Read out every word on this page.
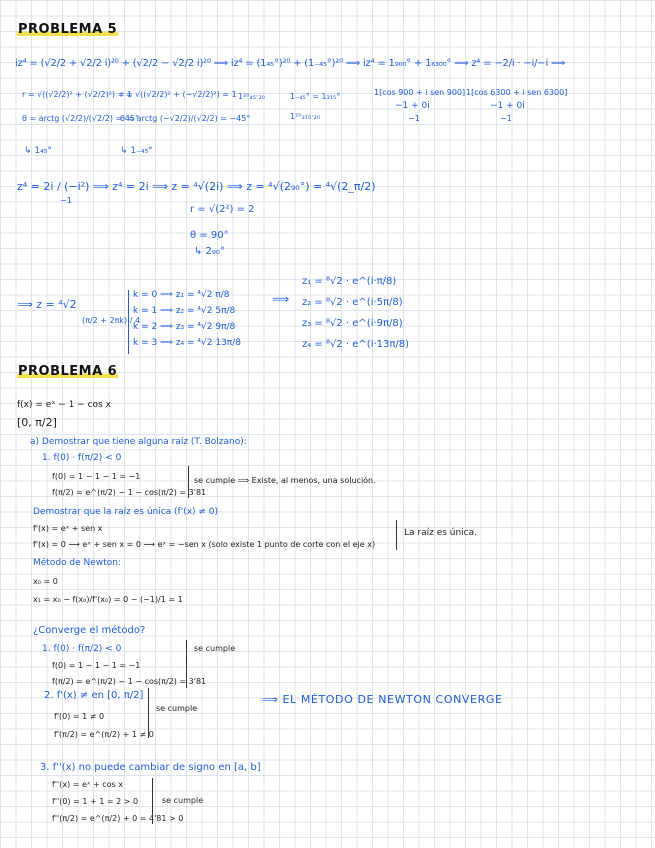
PROBLEMA 5
iz⁴ = (√2/2 + √2/2 i)²⁰ + (√2/2 − √2/2 i)²⁰ ⟹ iz⁴ = (1₄₅°)²⁰ + (1₋₄₅°)²⁰ ⟹ iz⁴ = 1₉₀₀° + 1₆₃₀₀° ⟹ z⁴ = −2/i · −i/−i ⟹
r = √((√2/2)² + (√2/2)²) = 1
r = √((√2/2)² + (−√2/2)²) = 1 1²⁰₄₅·₂₀	1₋₄₅° = 1₃₁₅°
1²⁰₃₁₅·₂₀
1[cos 900 + i sen 900] 1[cos 6300 + i sen 6300]
−1 + 0i	−1 + 0i
−1	−1
θ = arctg (√2/2)/(√2/2) = 45°
θ = arctg (−√2/2)/(√2/2) = −45°
↳ 1₄₅°	↳ 1₋₄₅°
z⁴ = 2i / (−i²) ⟹ z⁴ = 2i ⟹ z = ⁴√(2i) ⟹ z = ⁴√(2₉₀°) = ⁴√(2_π/2)
−1
r = √(2²) = 2
θ = 90°
↳ 2₉₀°
⟹ z = ⁴√2
(π/2 + 2πk) / 4
k = 0 ⟹ z₁ = ⁴√2 π/8
k = 1 ⟹ z₂ = ⁴√2 5π/8
k = 2 ⟹ z₃ = ⁴√2 9π/8
k = 3 ⟹ z₄ = ⁴√2 13π/8
⟹
z₁ = ⁸√2 · e^(i·π/8)
z₂ = ⁸√2 · e^(i·5π/8)
z₃ = ⁸√2 · e^(i·9π/8)
z₄ = ⁸√2 · e^(i·13π/8)
PROBLEMA 6
f(x) = eˣ − 1 − cos x
[0, π/2]
a) Demostrar que tiene alguna raíz (T. Bolzano):
1. f(0) · f(π/2) < 0
f(0) = 1 − 1 − 1 = −1
f(π/2) = e^(π/2) − 1 − cos(π/2) = 3'81
se cumple ⟹ Existe, al menos, una solución.
Demostrar que la raíz es única (f'(x) ≠ 0)
f'(x) = eˣ + sen x
f'(x) = 0 ⟶ eˣ + sen x = 0 ⟶ eˣ = −sen x (solo existe 1 punto de corte con el eje x)
La raíz es única.
Método de Newton:
x₀ = 0
x₁ = x₀ − f(x₀)/f'(x₀) = 0 − (−1)/1 = 1
¿Converge el método?
1. f(0) · f(π/2) < 0
f(0) = 1 − 1 − 1 = −1
f(π/2) = e^(π/2) − 1 − cos(π/2) = 3'81
se cumple
2. f'(x) ≠ en [0, π/2]
f'(0) = 1 ≠ 0
f'(π/2) = e^(π/2) + 1 ≠ 0
se cumple
⟹ EL MÉTODO DE NEWTON CONVERGE
3. f''(x) no puede cambiar de signo en [a, b]
f''(x) = eˣ + cos x
f''(0) = 1 + 1 = 2 > 0
f''(π/2) = e^(π/2) + 0 = 4'81 > 0
se cumple
